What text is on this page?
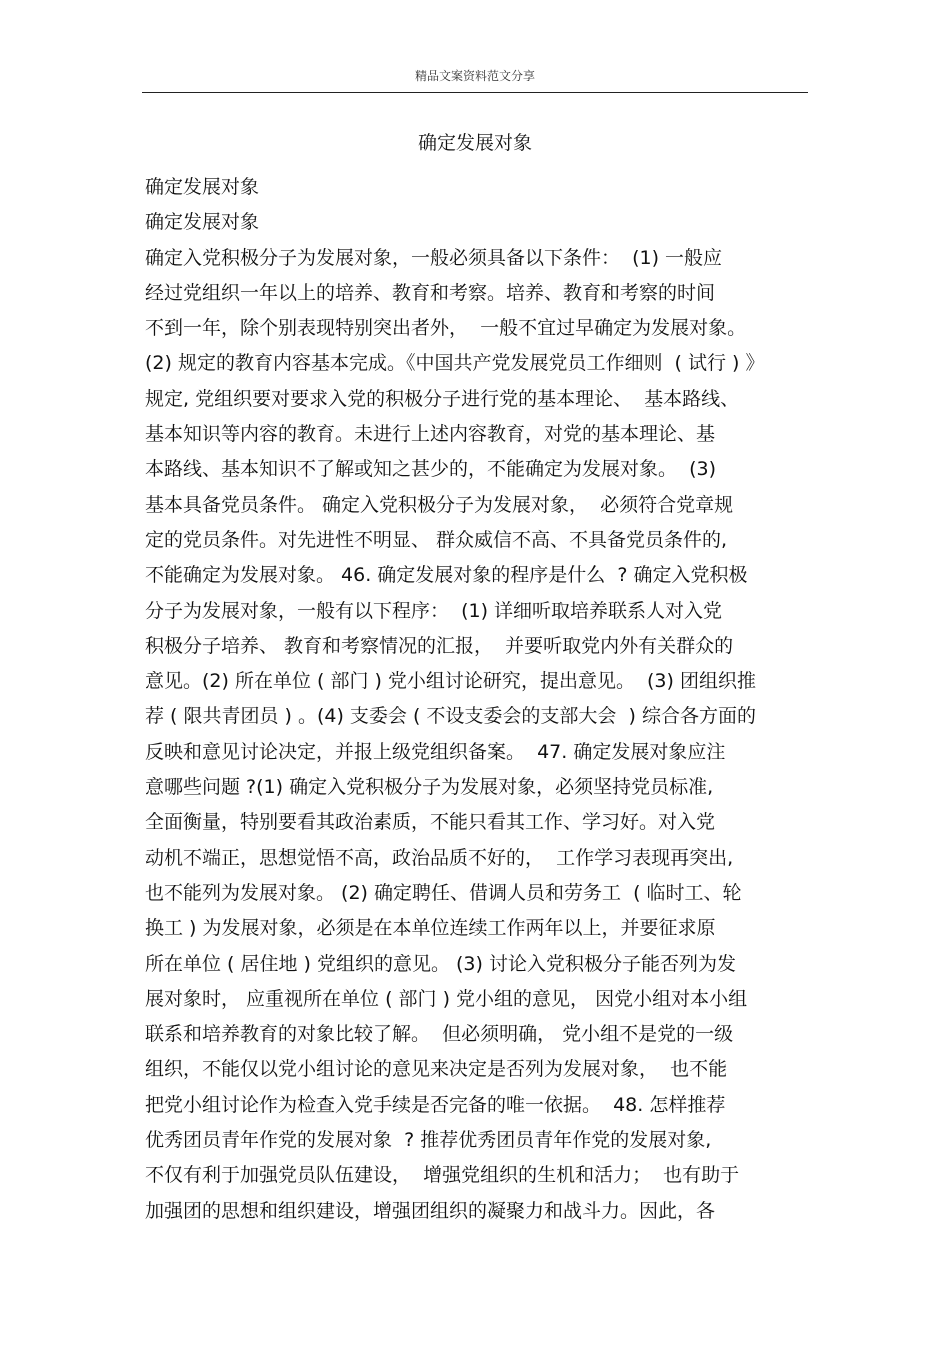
精品文案资料范文分享
确定发展对象
确定发展对象
确定发展对象
确定入党积极分子为发展对象，一般必须具备以下条件：  (1) 一般应
经过党组织一年以上的培养、教育和考察。培养、教育和考察的时间
不到一年，除个别表现特别突出者外，  一般不宜过早确定为发展对象。
(2) 规定的教育内容基本完成。《中国共产党发展党员工作细则  ( 试行 ) 》
规定, 党组织要对要求入党的积极分子进行党的基本理论、  基本路线、
基本知识等内容的教育。未进行上述内容教育，对党的基本理论、基
本路线、基本知识不了解或知之甚少的，不能确定为发展对象。  (3)
基本具备党员条件。 确定入党积极分子为发展对象，  必须符合党章规
定的党员条件。对先进性不明显、 群众威信不高、不具备党员条件的,
不能确定为发展对象。 46. 确定发展对象的程序是什么  ? 确定入党积极
分子为发展对象，一般有以下程序：  (1) 详细听取培养联系人对入党
积极分子培养、 教育和考察情况的汇报，  并要听取党内外有关群众的
意见。(2) 所在单位 ( 部门 ) 党小组讨论研究，提出意见。  (3) 团组织推
荐 ( 限共青团员 ) 。(4) 支委会 ( 不设支委会的支部大会  ) 综合各方面的
反映和意见讨论决定，并报上级党组织备案。  47. 确定发展对象应注
意哪些问题 ?(1) 确定入党积极分子为发展对象，必须坚持党员标准,
全面衡量，特别要看其政治素质，不能只看其工作、学习好。对入党
动机不端正，思想觉悟不高，政治品质不好的，  工作学习表现再突出,
也不能列为发展对象。 (2) 确定聘任、借调人员和劳务工  ( 临时工、轮
换工 ) 为发展对象，必须是在本单位连续工作两年以上，并要征求原
所在单位 ( 居住地 ) 党组织的意见。 (3) 讨论入党积极分子能否列为发
展对象时， 应重视所在单位 ( 部门 ) 党小组的意见， 因党小组对本小组
联系和培养教育的对象比较了解。  但必须明确， 党小组不是党的一级
组织，不能仅以党小组讨论的意见来决定是否列为发展对象，  也不能
把党小组讨论作为检查入党手续是否完备的唯一依据。  48. 怎样推荐
优秀团员青年作党的发展对象  ? 推荐优秀团员青年作党的发展对象,
不仅有利于加强党员队伍建设，  增强党组织的生机和活力；  也有助于
加强团的思想和组织建设，增强团组织的凝聚力和战斗力。因此，各
